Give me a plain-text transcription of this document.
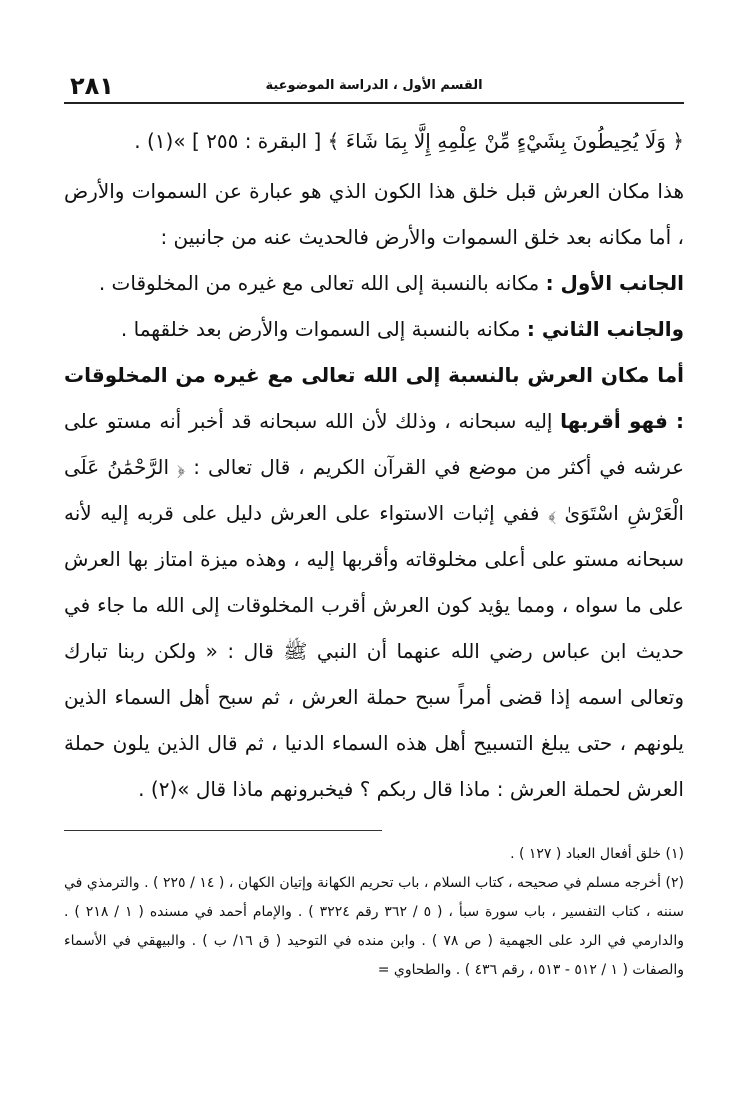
القسم الأول ، الدراسة الموضوعية
٢٨١

﴿ وَلَا يُحِيطُونَ بِشَيْءٍ مِّنْ عِلْمِهِ إِلَّا بِمَا شَاءَ ﴾ [ البقرة : ٢٥٥ ] »(١) .

هذا مكان العرش قبل خلق هذا الكون الذي هو عبارة عن السموات والأرض ، أما مكانه بعد خلق السموات والأرض فالحديث عنه من جانبين :

الجانب الأول : مكانه بالنسبة إلى الله تعالى مع غيره من المخلوقات .

والجانب الثاني : مكانه بالنسبة إلى السموات والأرض بعد خلقهما .

أما مكان العرش بالنسبة إلى الله تعالى مع غيره من المخلوقات : فهو أقربها إليه سبحانه ، وذلك لأن الله سبحانه قد أخبر أنه مستو على عرشه في أكثر من موضع في القرآن الكريم ، قال تعالى : ﴿ الرَّحْمَٰنُ عَلَى الْعَرْشِ اسْتَوَىٰ ﴾ ففي إثبات الاستواء على العرش دليل على قربه إليه لأنه سبحانه مستو على أعلى مخلوقاته وأقربها إليه ، وهذه ميزة امتاز بها العرش على ما سواه ، ومما يؤيد كون العرش أقرب المخلوقات إلى الله ما جاء في حديث ابن عباس رضي الله عنهما أن النبي ﷺ قال : « ولكن ربنا تبارك وتعالى اسمه إذا قضى أمراً سبح حملة العرش ، ثم سبح أهل السماء الذين يلونهم ، حتى يبلغ التسبيح أهل هذه السماء الدنيا ، ثم قال الذين يلون حملة العرش لحملة العرش : ماذا قال ربكم ؟ فيخبرونهم ماذا قال »(٢) .

(١) خلق أفعال العباد ( ١٢٧ ) .

(٢) أخرجه مسلم في صحيحه ، كتاب السلام ، باب تحريم الكهانة وإتيان الكهان ، ( ١٤ / ٢٢٥ ) . والترمذي في سننه ، كتاب التفسير ، باب سورة سبأ ، ( ٥ / ٣٦٢ رقم ٣٢٢٤ ) . والإمام أحمد في مسنده ( ١ / ٢١٨ ) . والدارمي في الرد على الجهمية ( ص ٧٨ ) . وابن منده في التوحيد ( ق ١٦/ ب ) . والبيهقي في الأسماء والصفات ( ١ / ٥١٢ - ٥١٣ ، رقم ٤٣٦ ) . والطحاوي =
